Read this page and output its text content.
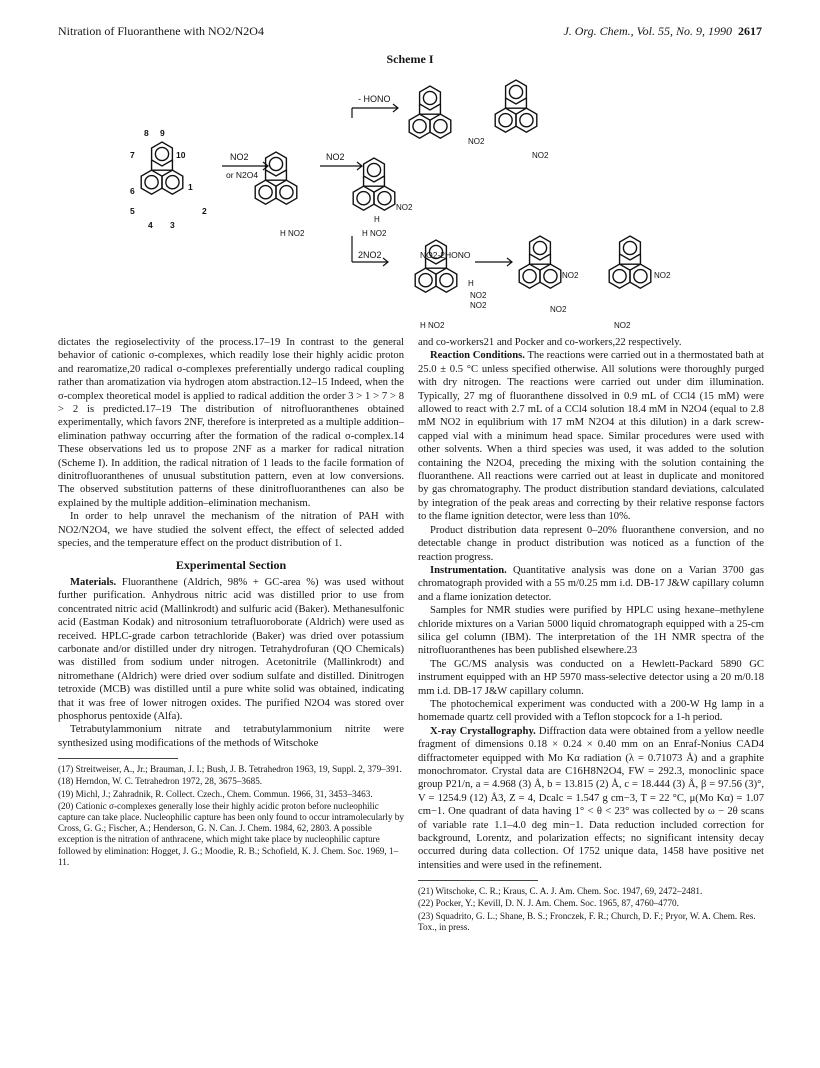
Nitration of Fluoranthene with NO2/N2O4	J. Org. Chem., Vol. 55, No. 9, 1990 2617
Scheme I
- HONO
NO2
or N2O4
NO2
2NO2	NO2-2HONO
H NO2	H NO2
NO2
NO2
NO2
H
H
NO2
NO2
H NO2
NO2
NO2
NO2
NO2
8 9
7	10
1
6
2
5
4 3

dictates the regioselectivity of the process.17–19 In contrast to the general behavior of cationic σ-complexes, which readily lose their highly acidic proton and rearomatize,20 radical σ-complexes preferentially undergo radical coupling rather than aromatization via hydrogen atom abstraction.12–15 Indeed, when the σ-complex theoretical model is applied to radical addition the order 3 > 1 > 7 > 8 > 2 is predicted.17–19 The distribution of nitrofluoranthenes obtained experimentally, which favors 2NF, therefore is interpreted as a multiple addition–elimination pathway occurring after the formation of the radical σ-complex.14 These observations led us to propose 2NF as a marker for radical nitration (Scheme I). In addition, the radical nitration of 1 leads to the facile formation of dinitrofluoranthenes of unusual substitution pattern, even at low conversions. The observed substitution patterns of these dinitrofluoranthenes can also be explained by the multiple addition–elimination mechanism.

In order to help unravel the mechanism of the nitration of PAH with NO2/N2O4, we have studied the solvent effect, the effect of selected added species, and the temperature effect on the product distribution of 1.

Experimental Section

Materials. Fluoranthene (Aldrich, 98% + GC-area %) was used without further purification. Anhydrous nitric acid was distilled prior to use from concentrated nitric acid (Mallinkrodt) and sulfuric acid (Baker). Methanesulfonic acid (Eastman Kodak) and nitrosonium tetrafluoroborate (Aldrich) were used as received. HPLC-grade carbon tetrachloride (Baker) was dried over potassium carbonate and/or distilled under dry nitrogen. Tetrahydrofuran (QO Chemicals) was distilled from sodium under nitrogen. Acetonitrile (Mallinkrodt) and nitromethane (Aldrich) were dried over sodium sulfate and distilled. Dinitrogen tetroxide (MCB) was distilled until a pure white solid was obtained, indicating that it was free of lower nitrogen oxides. The purified N2O4 was stored over phosphorus pentoxide (Alfa).

Tetrabutylammonium nitrate and tetrabutylammonium nitrite were synthesized using modifications of the methods of Witschoke

(17) Streitweiser, A., Jr.; Brauman, J. I.; Bush, J. B. Tetrahedron 1963, 19, Suppl. 2, 379–391.

(18) Herndon, W. C. Tetrahedron 1972, 28, 3675–3685.

(19) Michl, J.; Zahradnik, R. Collect. Czech., Chem. Commun. 1966, 31, 3453–3463.

(20) Cationic σ-complexes generally lose their highly acidic proton before nucleophilic capture can take place. Nucleophilic capture has been only found to occur intramolecularly by Cross, G. G.; Fischer, A.; Henderson, G. N. Can. J. Chem. 1984, 62, 2803. A possible exception is the nitration of anthracene, which might take place by nucleophilic capture followed by elimination: Hogget, J. G.; Moodie, R. B.; Schofield, K. J. Chem. Soc. 1969, 1–11.

and co-workers21 and Pocker and co-workers,22 respectively.

Reaction Conditions. The reactions were carried out in a thermostated bath at 25.0 ± 0.5 °C unless specified otherwise. All solutions were thoroughly purged with dry nitrogen. The reactions were carried out under dim illumination. Typically, 27 mg of fluoranthene dissolved in 0.9 mL of CCl4 (15 mM) were allowed to react with 2.7 mL of a CCl4 solution 18.4 mM in N2O4 (equal to 2.8 mM NO2 in equlibrium with 17 mM N2O4 at this dilution) in a dark screw-capped vial with a minimum head space. Similar procedures were used with other solvents. When a third species was used, it was added to the solution containing the N2O4, preceding the mixing with the solution containing the fluoranthene. All reactions were carried out at least in duplicate and monitored by gas chromatography. The product distribution standard deviations, calculated by integration of the peak areas and correcting by their relative response factors to the flame ignition detector, were less than 10%.

Product distribution data represent 0–20% fluoranthene conversion, and no detectable change in product distribution was noticed as a function of the reaction progress.

Instrumentation. Quantitative analysis was done on a Varian 3700 gas chromatograph provided with a 55 m/0.25 mm i.d. DB-17 J&W capillary column and a flame ionization detector.

Samples for NMR studies were purified by HPLC using hexane–methylene chloride mixtures on a Varian 5000 liquid chromatograph equipped with a 25-cm silica gel column (IBM). The interpretation of the 1H NMR spectra of the nitrofluoranthenes has been published elsewhere.23

The GC/MS analysis was conducted on a Hewlett-Packard 5890 GC instrument equipped with an HP 5970 mass-selective detector using a 20 m/0.18 mm i.d. DB-17 J&W capillary column.

The photochemical experiment was conducted with a 200-W Hg lamp in a homemade quartz cell provided with a Teflon stopcock for a 1-h period.

X-ray Crystallography. Diffraction data were obtained from a yellow needle fragment of dimensions 0.18 × 0.24 × 0.40 mm on an Enraf-Nonius CAD4 diffractometer equipped with Mo Kα radiation (λ = 0.71073 Å) and a graphite monochromator. Crystal data are C16H8N2O4, FW = 292.3, monoclinic space group P21/n, a = 4.968 (3) Å, b = 13.815 (2) Å, c = 18.444 (3) Å, β = 97.56 (3)°, V = 1254.9 (12) Å3, Z = 4, Dcalc = 1.547 g cm−3, T = 22 °C, μ(Mo Kα) = 1.07 cm−1. One quadrant of data having 1° < θ < 23° was collected by ω − 2θ scans of variable rate 1.1–4.0 deg min−1. Data reduction included correction for background, Lorentz, and polarization effects; no significant intensity decay occurred during data collection. Of 1752 unique data, 1458 have positive net intensities and were used in the refinement.

(21) Witschoke, C. R.; Kraus, C. A. J. Am. Chem. Soc. 1947, 69, 2472–2481.

(22) Pocker, Y.; Kevill, D. N. J. Am. Chem. Soc. 1965, 87, 4760–4770.

(23) Squadrito, G. L.; Shane, B. S.; Fronczek, F. R.; Church, D. F.; Pryor, W. A. Chem. Res. Tox., in press.
